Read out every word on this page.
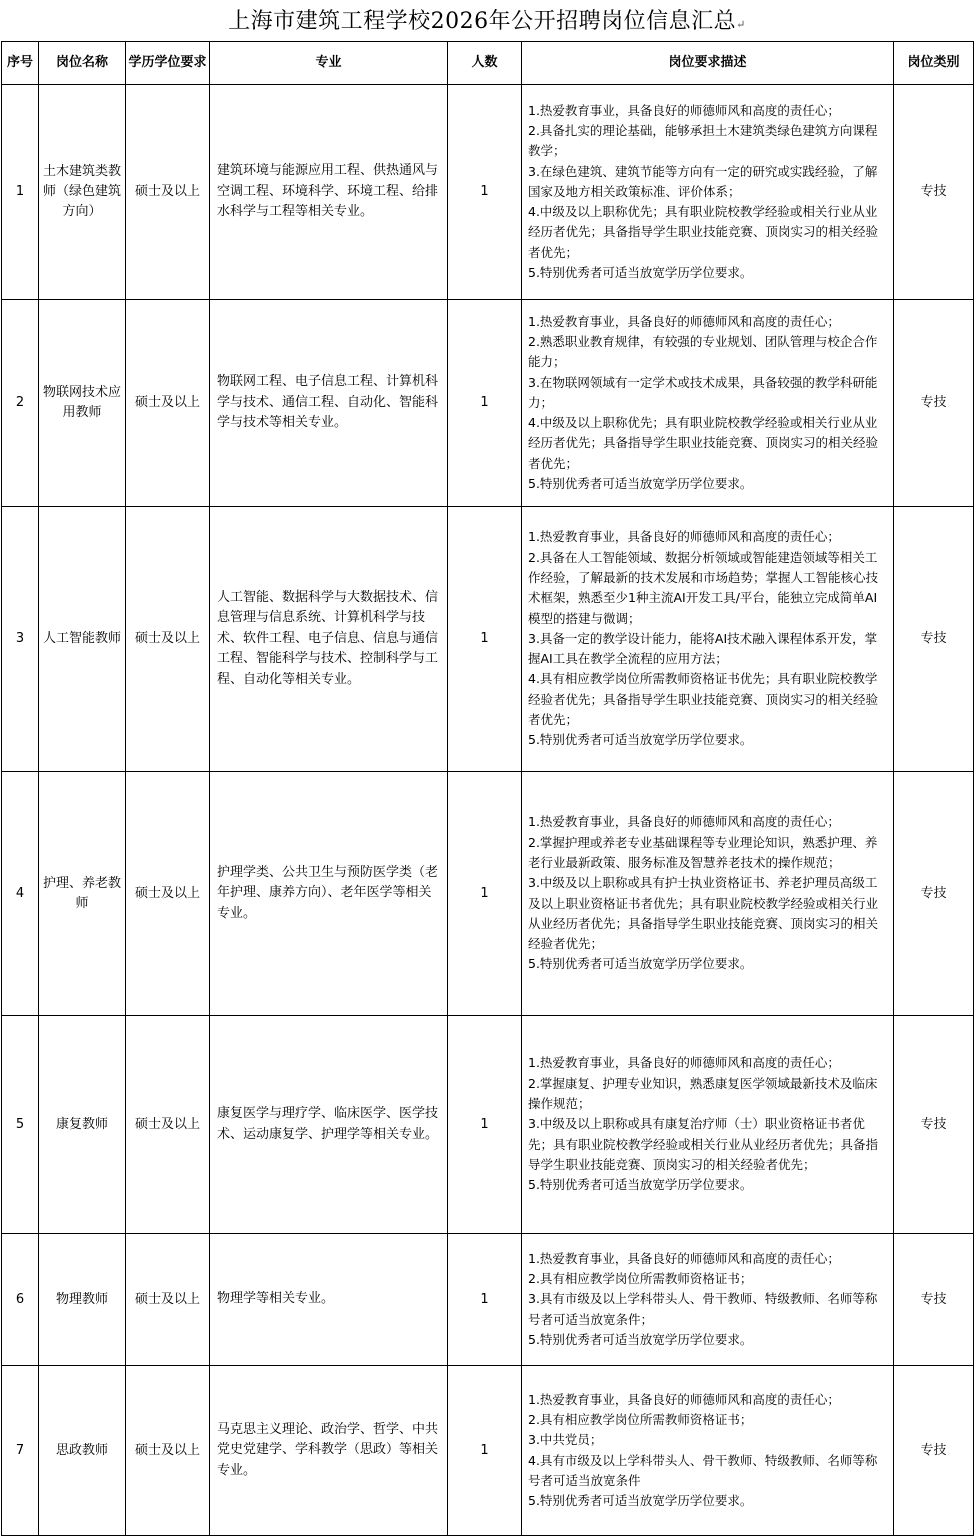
上海市建筑工程学校2026年公开招聘岗位信息汇总↵
序号	岗位名称	学历学位要求	专业	人数	岗位要求描述	岗位类别
1	土木建筑类教师（绿色建筑方向）	硕士及以上	建筑环境与能源应用工程、供热通风与空调工程、环境科学、环境工程、给排水科学与工程等相关专业。	1	1.热爱教育事业，具备良好的师德师风和高度的责任心；
2.具备扎实的理论基础，能够承担土木建筑类绿色建筑方向课程教学；
3.在绿色建筑、建筑节能等方向有一定的研究或实践经验，了解国家及地方相关政策标准、评价体系；
4.中级及以上职称优先；具有职业院校教学经验或相关行业从业经历者优先；具备指导学生职业技能竞赛、顶岗实习的相关经验者优先；
5.特别优秀者可适当放宽学历学位要求。	专技
2	物联网技术应用教师	硕士及以上	物联网工程、电子信息工程、计算机科学与技术、通信工程、自动化、智能科学与技术等相关专业。	1	1.热爱教育事业，具备良好的师德师风和高度的责任心；
2.熟悉职业教育规律，有较强的专业规划、团队管理与校企合作能力；
3.在物联网领域有一定学术或技术成果，具备较强的教学科研能力；
4.中级及以上职称优先；具有职业院校教学经验或相关行业从业经历者优先；具备指导学生职业技能竞赛、顶岗实习的相关经验者优先；
5.特别优秀者可适当放宽学历学位要求。	专技
3	人工智能教师	硕士及以上	人工智能、数据科学与大数据技术、信息管理与信息系统、计算机科学与技术、软件工程、电子信息、信息与通信工程、智能科学与技术、控制科学与工程、自动化等相关专业。	1	1.热爱教育事业，具备良好的师德师风和高度的责任心；
2.具备在人工智能领域、数据分析领域或智能建造领域等相关工作经验，了解最新的技术发展和市场趋势；掌握人工智能核心技术框架，熟悉至少1种主流AI开发工具/平台，能独立完成简单AI模型的搭建与微调；
3.具备一定的教学设计能力，能将AI技术融入课程体系开发，掌握AI工具在教学全流程的应用方法；
4.具有相应教学岗位所需教师资格证书优先；具有职业院校教学经验者优先；具备指导学生职业技能竞赛、顶岗实习的相关经验者优先；
5.特别优秀者可适当放宽学历学位要求。	专技
4	护理、养老教师	硕士及以上	护理学类、公共卫生与预防医学类（老年护理、康养方向）、老年医学等相关专业。	1	1.热爱教育事业，具备良好的师德师风和高度的责任心；
2.掌握护理或养老专业基础课程等专业理论知识，熟悉护理、养老行业最新政策、服务标准及智慧养老技术的操作规范；
3.中级及以上职称或具有护士执业资格证书、养老护理员高级工及以上职业资格证书者优先；具有职业院校教学经验或相关行业从业经历者优先；具备指导学生职业技能竞赛、顶岗实习的相关经验者优先；
5.特别优秀者可适当放宽学历学位要求。	专技
5	康复教师	硕士及以上	康复医学与理疗学、临床医学、医学技术、运动康复学、护理学等相关专业。	1	1.热爱教育事业，具备良好的师德师风和高度的责任心；
2.掌握康复、护理专业知识，熟悉康复医学领域最新技术及临床操作规范；
3.中级及以上职称或具有康复治疗师（士）职业资格证书者优先；具有职业院校教学经验或相关行业从业经历者优先；具备指导学生职业技能竞赛、顶岗实习的相关经验者优先；
5.特别优秀者可适当放宽学历学位要求。	专技
6	物理教师	硕士及以上	物理学等相关专业。	1	1.热爱教育事业，具备良好的师德师风和高度的责任心；
2.具有相应教学岗位所需教师资格证书；
3.具有市级及以上学科带头人、骨干教师、特级教师、名师等称号者可适当放宽条件；
5.特别优秀者可适当放宽学历学位要求。	专技
7	思政教师	硕士及以上	马克思主义理论、政治学、哲学、中共党史党建学、学科教学（思政）等相关专业。	1	1.热爱教育事业，具备良好的师德师风和高度的责任心；
2.具有相应教学岗位所需教师资格证书；
3.中共党员；
4.具有市级及以上学科带头人、骨干教师、特级教师、名师等称号者可适当放宽条件
5.特别优秀者可适当放宽学历学位要求。	专技
